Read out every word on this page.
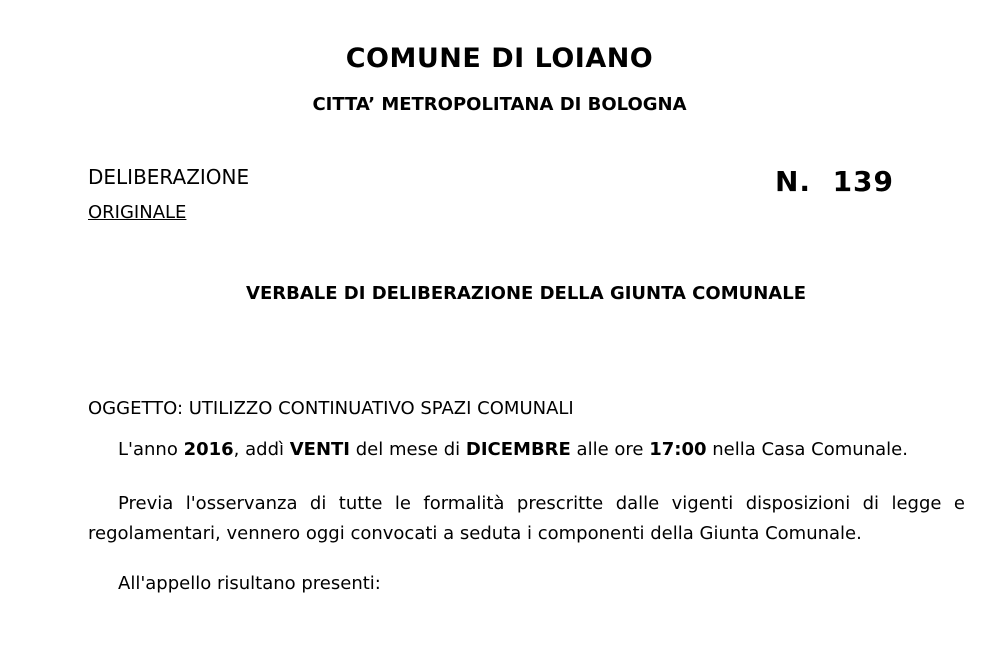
COMUNE DI LOIANO
CITTA’ METROPOLITANA DI BOLOGNA
DELIBERAZIONE
ORIGINALE
N.  139
VERBALE DI DELIBERAZIONE DELLA GIUNTA COMUNALE
OGGETTO: UTILIZZO CONTINUATIVO SPAZI COMUNALI
L'anno 2016, addì VENTI del mese di DICEMBRE alle ore 17:00 nella Casa Comunale.
Previa l'osservanza di tutte le formalità prescritte dalle vigenti disposizioni di legge e regolamentari, vennero oggi convocati a seduta i componenti della Giunta Comunale.
All'appello risultano presenti:
